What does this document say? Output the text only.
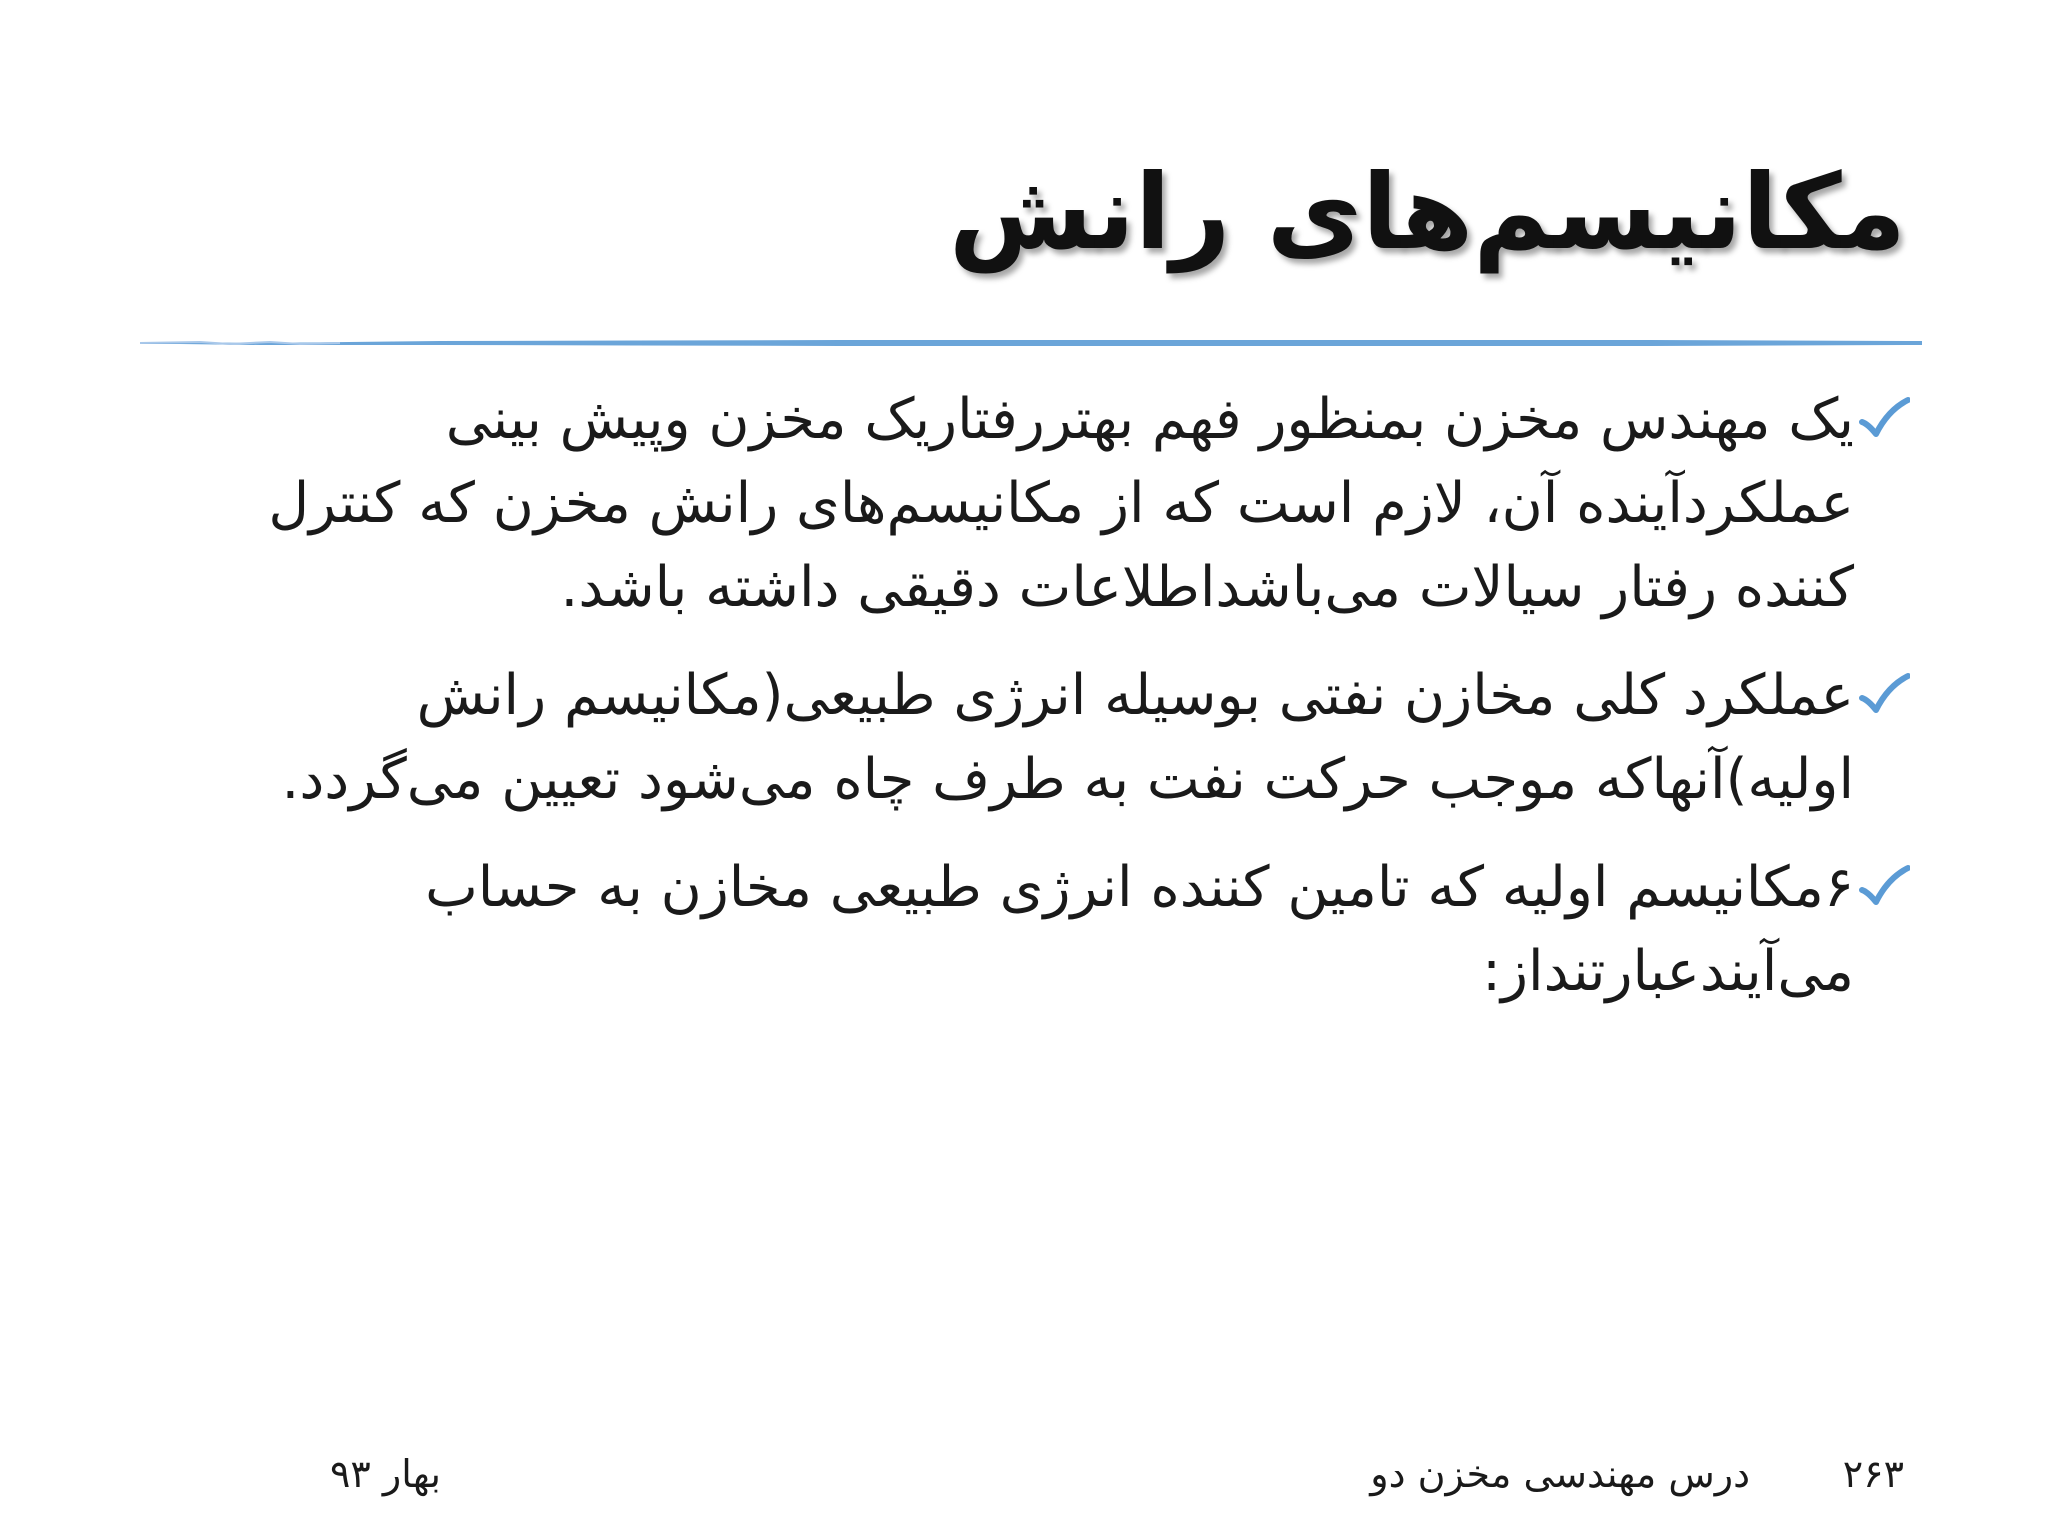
مکانیسم‌های رانش
یک مهندس مخزن بمنظور فهم بهتررفتاریک مخزن وپیش بینی عملکردآینده آن، لازم است که از مکانیسم‌های رانش مخزن که کنترل کننده رفتار سیالات می‌باشداطلاعات دقیقی داشته باشد.
عملکرد کلی مخازن نفتی بوسیله انرژی طبیعی(مکانیسم رانش اولیه)آنهاکه موجب حرکت نفت به طرف چاه می‌شود تعیین می‌گردد.
۶مکانیسم اولیه که تامین کننده انرژی طبیعی مخازن به حساب می‌آیندعبارتنداز:
۲۶۳
درس مهندسی مخزن دو
بهار ۹۳
